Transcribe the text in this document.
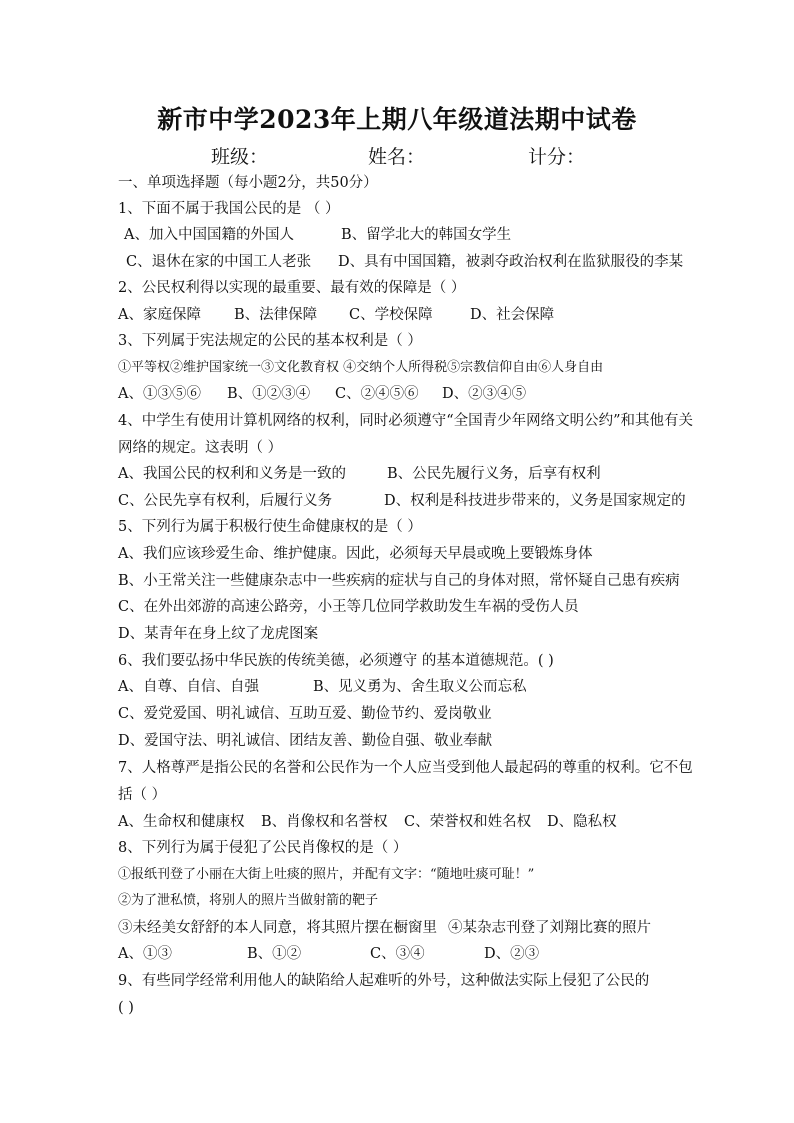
新市中学2023年上期八年级道法期中试卷
班级：	姓名：	计分：
一、单项选择题（每小题2分，共50分）
1、下面不属于我国公民的是 （ ）
A、加入中国国籍的外国人	B、留学北大的韩国女学生
C、退休在家的中国工人老张 D、具有中国国籍，被剥夺政治权利在监狱服役的李某
2、公民权利得以实现的最重要、最有效的保障是（ ）
A、家庭保障 B、法律保障 C、学校保障	D、社会保障
3、下列属于宪法规定的公民的基本权利是（ ）
①平等权②维护国家统一③文化教育权 ④交纳个人所得税⑤宗教信仰自由⑥人身自由
A、①③⑤⑥ B、①②③④ C、②④⑤⑥ D、②③④⑤
4、中学生有使用计算机网络的权利，同时必须遵守“全国青少年网络文明公约”和其他有关
网络的规定。这表明（ ）
A、我国公民的权利和义务是一致的	B、公民先履行义务，后享有权利
C、公民先享有权利，后履行义务	D、权利是科技进步带来的，义务是国家规定的
5、下列行为属于积极行使生命健康权的是（ ）
A、我们应该珍爱生命、维护健康。因此，必须每天早晨或晚上要锻炼身体
B、小王常关注一些健康杂志中一些疾病的症状与自己的身体对照，常怀疑自己患有疾病
C、在外出郊游的高速公路旁，小王等几位同学救助发生车祸的受伤人员
D、某青年在身上纹了龙虎图案
6、我们要弘扬中华民族的传统美德，必须遵守 的基本道德规范。( )
A、自尊、自信、自强	B、见义勇为、舍生取义公而忘私
C、爱党爱国、明礼诚信、互助互爱、勤俭节约、爱岗敬业
D、爱国守法、明礼诚信、团结友善、勤俭自强、敬业奉献
7、人格尊严是指公民的名誉和公民作为一个人应当受到他人最起码的尊重的权利。它不包
括（ ）
A、生命权和健康权 B、肖像权和名誉权 C、荣誉权和姓名权 D、隐私权
8、下列行为属于侵犯了公民肖像权的是（ ）
①报纸刊登了小丽在大街上吐痰的照片，并配有文字：“随地吐痰可耻！”
②为了泄私愤，将别人的照片当做射箭的靶子
③未经美女舒舒的本人同意，将其照片摆在橱窗里 ④某杂志刊登了刘翔比赛的照片
A、①③	B、①②	C、③④	D、②③
9、有些同学经常利用他人的缺陷给人起难听的外号，这种做法实际上侵犯了公民的
( )
